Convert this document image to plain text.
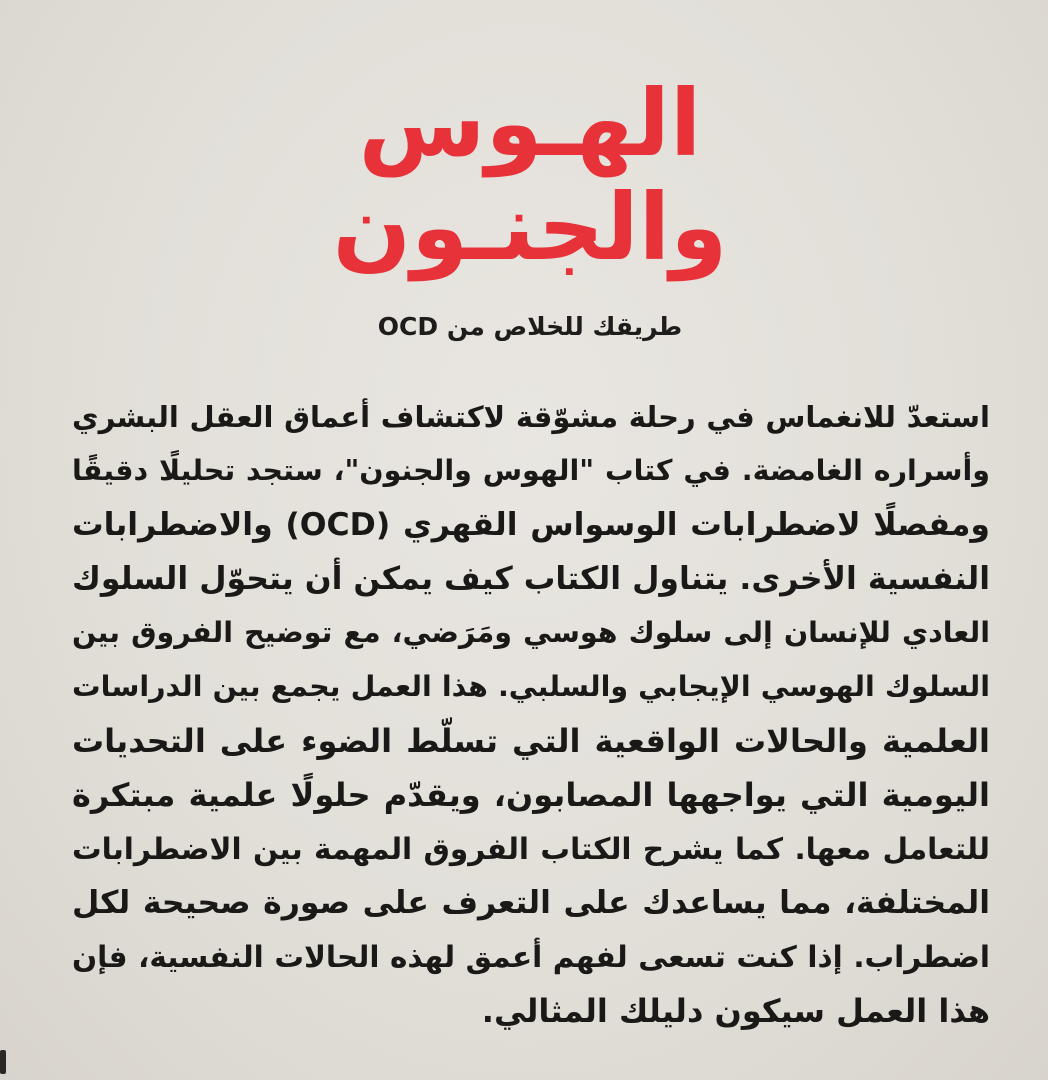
الهـوس
والجنـون
طريقك للخلاص من OCD
استعدّ للانغماس في رحلة مشوّقة لاكتشاف أعماق العقل البشري
وأسراره الغامضة. في كتاب "الهوس والجنون"، ستجد تحليلًا دقيقًا
ومفصلًا لاضطرابات الوسواس القهري (OCD) والاضطرابات
النفسية الأخرى. يتناول الكتاب كيف يمكن أن يتحوّل السلوك
العادي للإنسان إلى سلوك هوسي ومَرَضي، مع توضيح الفروق بين
السلوك الهوسي الإيجابي والسلبي. هذا العمل يجمع بين الدراسات
العلمية والحالات الواقعية التي تسلّط الضوء على التحديات
اليومية التي يواجهها المصابون، ويقدّم حلولًا علمية مبتكرة
للتعامل معها. كما يشرح الكتاب الفروق المهمة بين الاضطرابات
المختلفة، مما يساعدك على التعرف على صورة صحيحة لكل
اضطراب. إذا كنت تسعى لفهم أعمق لهذه الحالات النفسية، فإن
هذا العمل سيكون دليلك المثالي.
